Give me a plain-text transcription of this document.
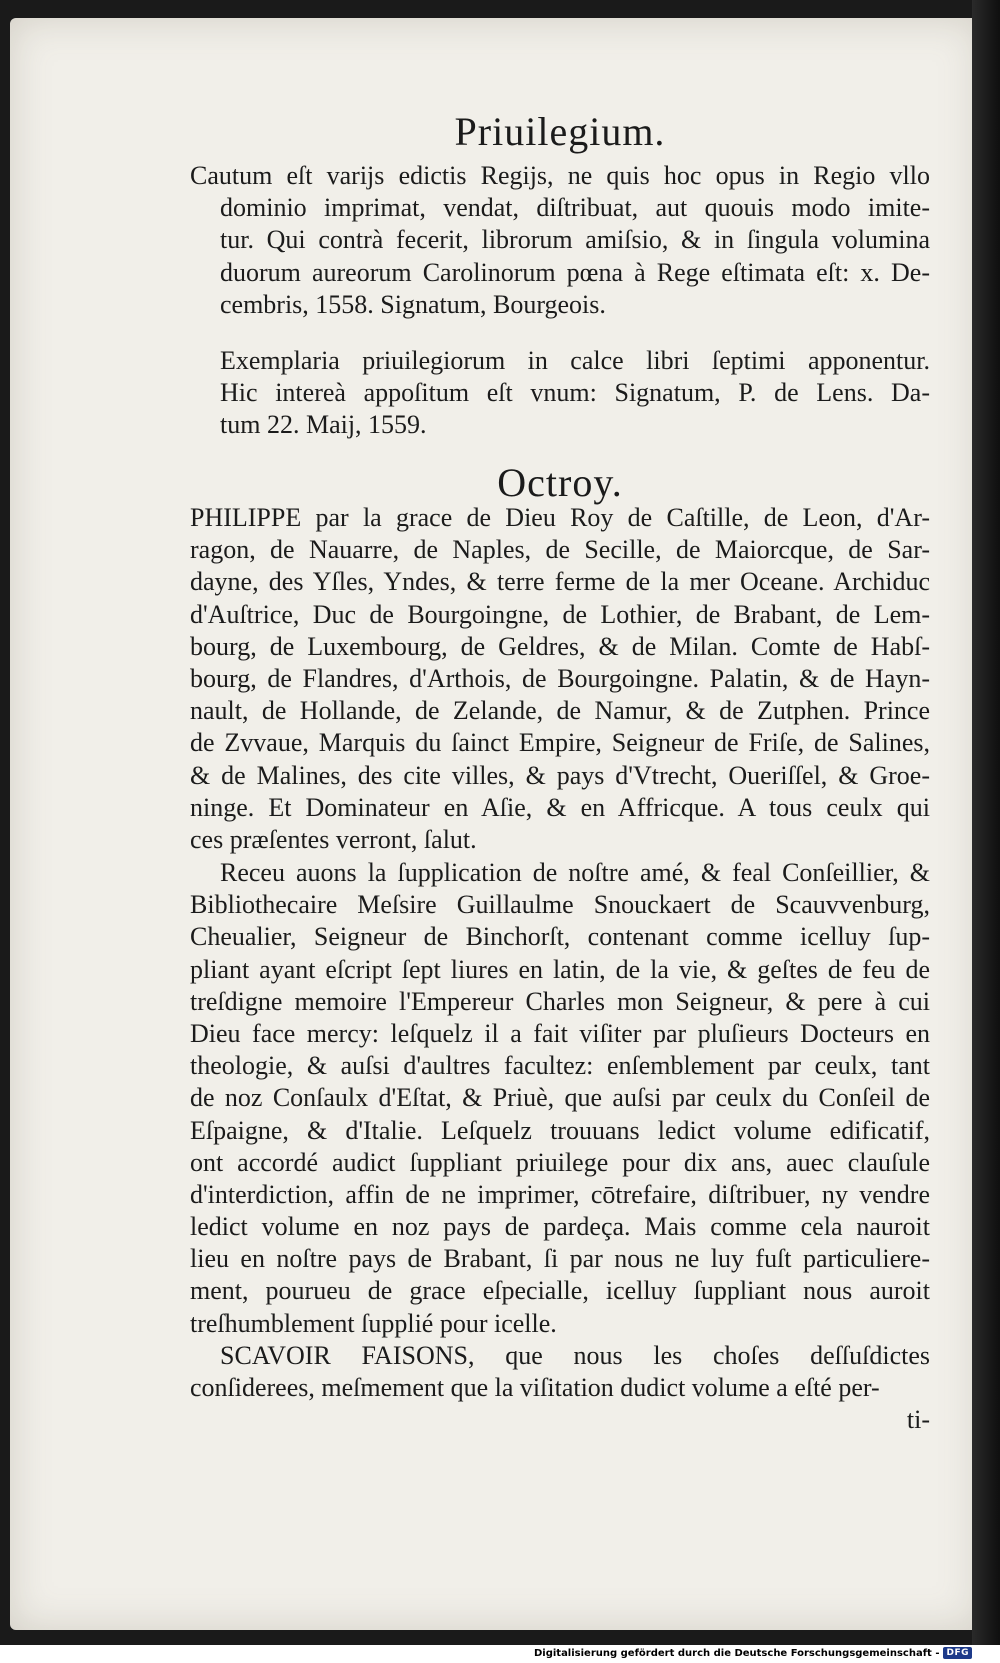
Priuilegium.
Cautum eſt varijs edictis Regijs, ne quis hoc opus in Regio vllo
dominio imprimat, vendat, diſtribuat, aut quouis modo imite-
tur. Qui contrà fecerit, librorum amiſsio, & in ſingula volumina
duorum aureorum Carolinorum pœna à Rege eſtimata eſt: x. De-
cembris, 1558. Signatum, Bourgeois.
Exemplaria priuilegiorum in calce libri ſeptimi apponentur.
Hic intereà appoſitum eſt vnum: Signatum, P. de Lens. Da-
tum 22. Maij, 1559.
Octroy.
PHILIPPE par la grace de Dieu Roy de Caſtille, de Leon, d'Ar-
ragon, de Nauarre, de Naples, de Secille, de Maiorcque, de Sar-
dayne, des Yſles, Yndes, & terre ferme de la mer Oceane. Archiduc
d'Auſtrice, Duc de Bourgoingne, de Lothier, de Brabant, de Lem-
bourg, de Luxembourg, de Geldres, & de Milan. Comte de Habſ-
bourg, de Flandres, d'Arthois, de Bourgoingne. Palatin, & de Hayn-
nault, de Hollande, de Zelande, de Namur, & de Zutphen. Prince
de Zvvaue, Marquis du ſainct Empire, Seigneur de Friſe, de Salines,
& de Malines, des cite villes, & pays d'Vtrecht, Oueriſſel, & Groe-
ninge. Et Dominateur en Aſie, & en Affricque. A tous ceulx qui
ces præſentes verront, ſalut.
Receu auons la ſupplication de noſtre amé, & feal Conſeillier, &
Bibliothecaire Meſsire Guillaulme Snouckaert de Scauvvenburg,
Cheualier, Seigneur de Binchorſt, contenant comme icelluy ſup-
pliant ayant eſcript ſept liures en latin, de la vie, & geſtes de feu de
treſdigne memoire l'Empereur Charles mon Seigneur, & pere à cui
Dieu face mercy: leſquelz il a fait viſiter par pluſieurs Docteurs en
theologie, & auſsi d'aultres facultez: enſemblement par ceulx, tant
de noz Conſaulx d'Eſtat, & Priuè, que auſsi par ceulx du Conſeil de
Eſpaigne, & d'Italie. Leſquelz trouuans ledict volume edificatif,
ont accordé audict ſuppliant priuilege pour dix ans, auec clauſule
d'interdiction, affin de ne imprimer, cōtrefaire, diſtribuer, ny vendre
ledict volume en noz pays de pardeça. Mais comme cela nauroit
lieu en noſtre pays de Brabant, ſi par nous ne luy fuſt particuliere-
ment, pourueu de grace eſpecialle, icelluy ſuppliant nous auroit
treſhumblement ſupplié pour icelle.
SCAVOIR FAISONS, que nous les choſes deſſuſdictes
conſiderees, meſmement que la viſitation dudict volume a eſté per-
ti-
Digitalisierung gefördert durch die Deutsche Forschungsgemeinschaft - DFG
